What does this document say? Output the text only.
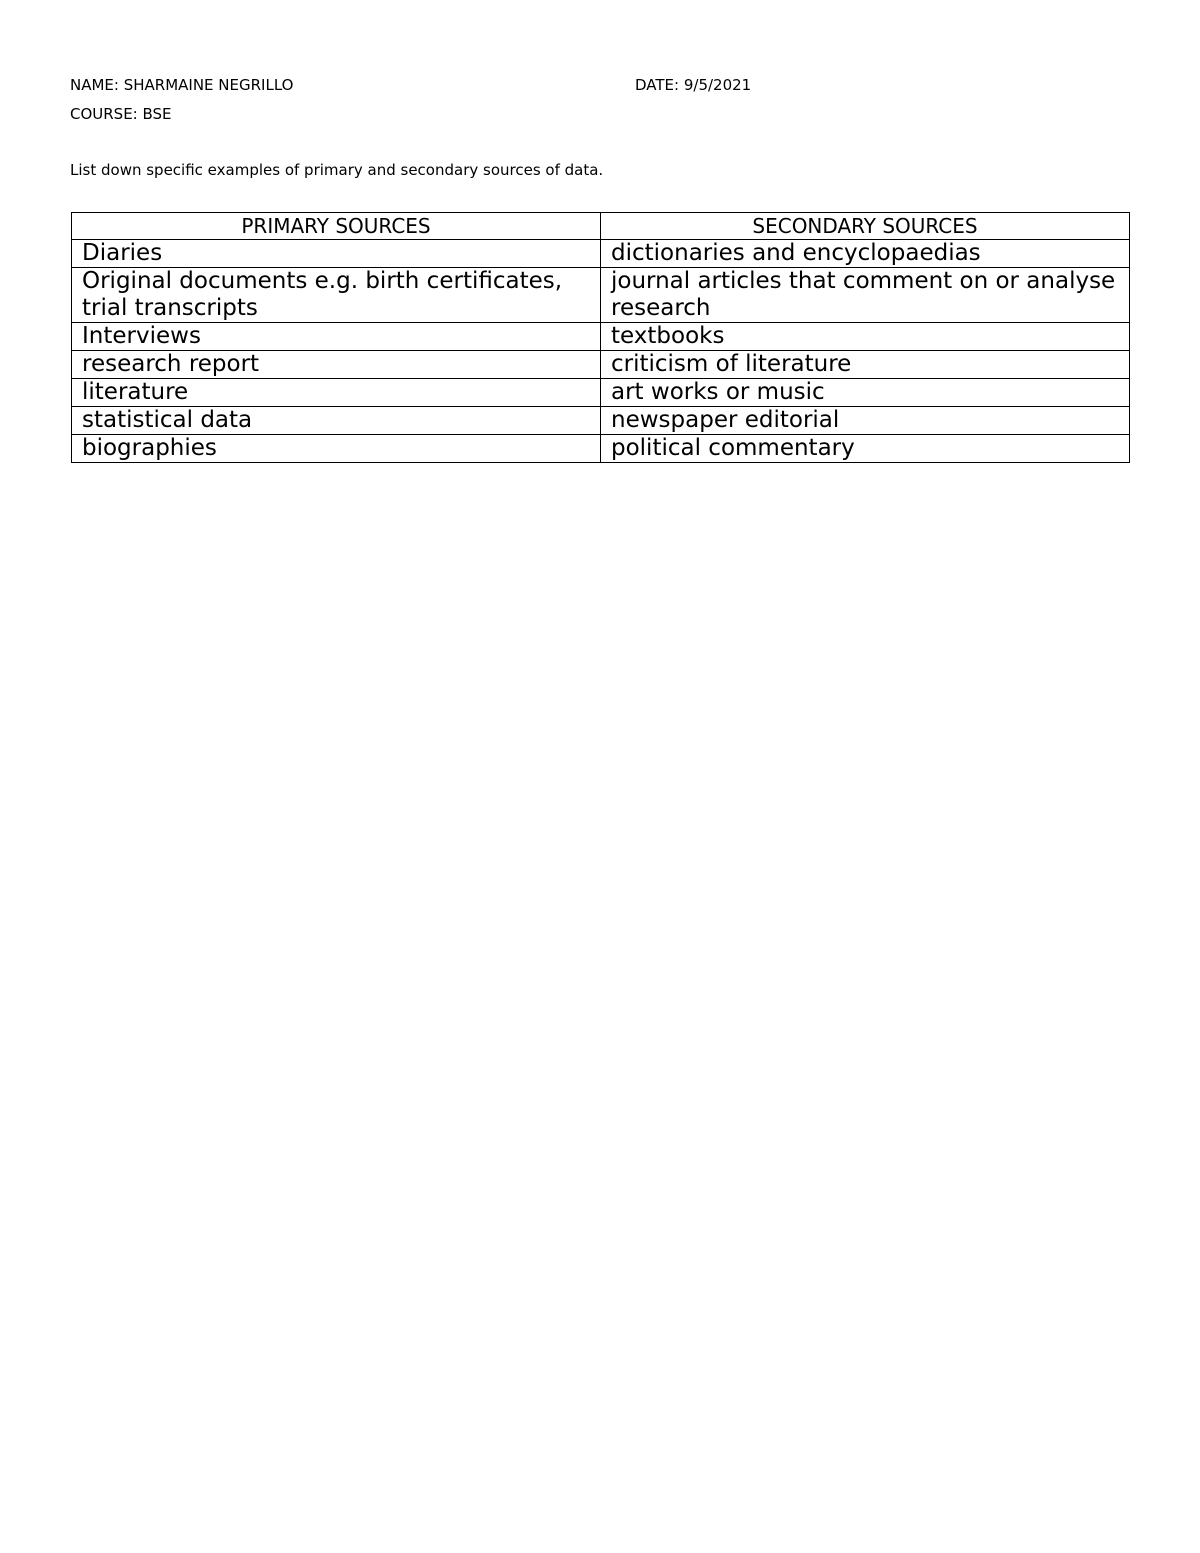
NAME: SHARMAINE NEGRILLO	DATE: 9/5/2021
COURSE: BSE
List down specific examples of primary and secondary sources of data.
PRIMARY SOURCES	SECONDARY SOURCES
Diaries	dictionaries and encyclopaedias
Original documents e.g. birth certificates, trial transcripts	journal articles that comment on or analyse research
Interviews	textbooks
research report	criticism of literature
literature	art works or music
statistical data	newspaper editorial
biographies	political commentary
